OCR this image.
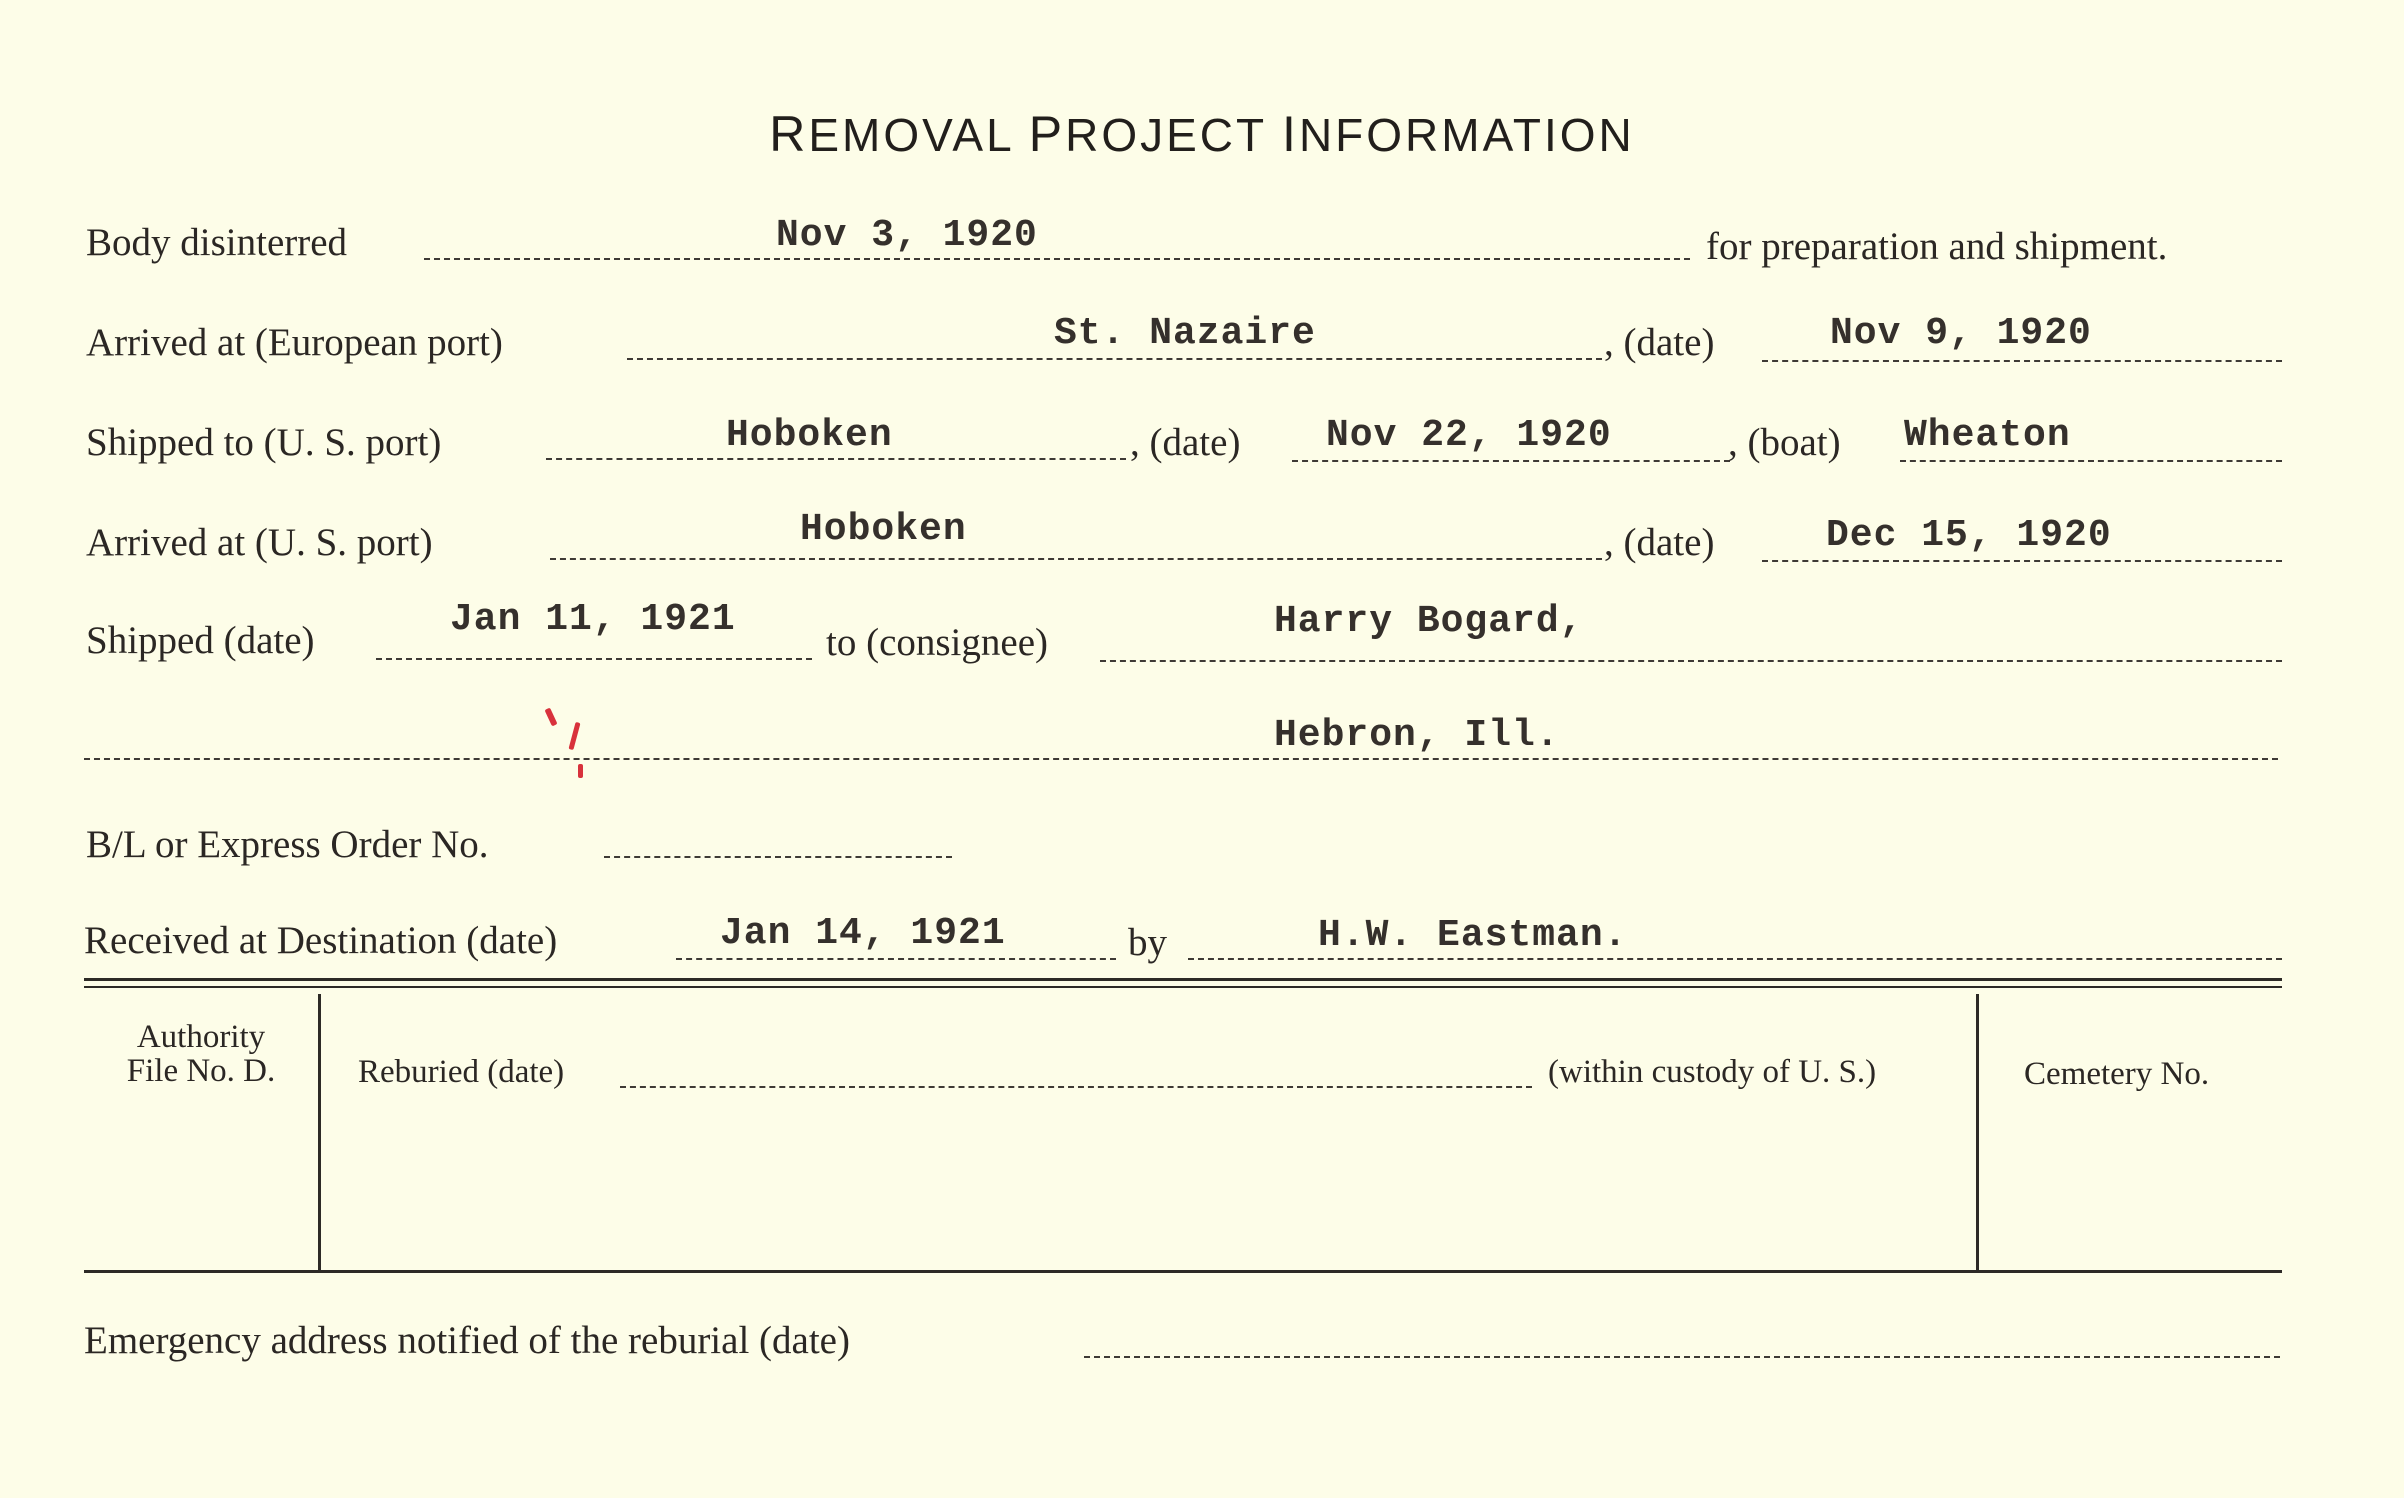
REMOVAL PROJECT INFORMATION
Body disinterred	Nov 3, 1920	for preparation and shipment.
Arrived at (European port)	St. Nazaire	, (date)	Nov 9, 1920
Shipped to (U. S. port)	Hoboken	, (date) Nov 22, 1920	, (boat) Wheaton
Arrived at (U. S. port)	Hoboken	, (date)	Dec 15, 1920
Shipped (date)	Jan 11, 1921
to (consignee)	Harry Bogard,
Hebron, Ill.
B/L or Express Order No.
Received at Destination (date)	Jan 14, 1921	by	H.W. Eastman.
Authority
File No. D.	Reburied (date)	(within custody of U. S.)	Cemetery No.
Emergency address notified of the reburial (date)
